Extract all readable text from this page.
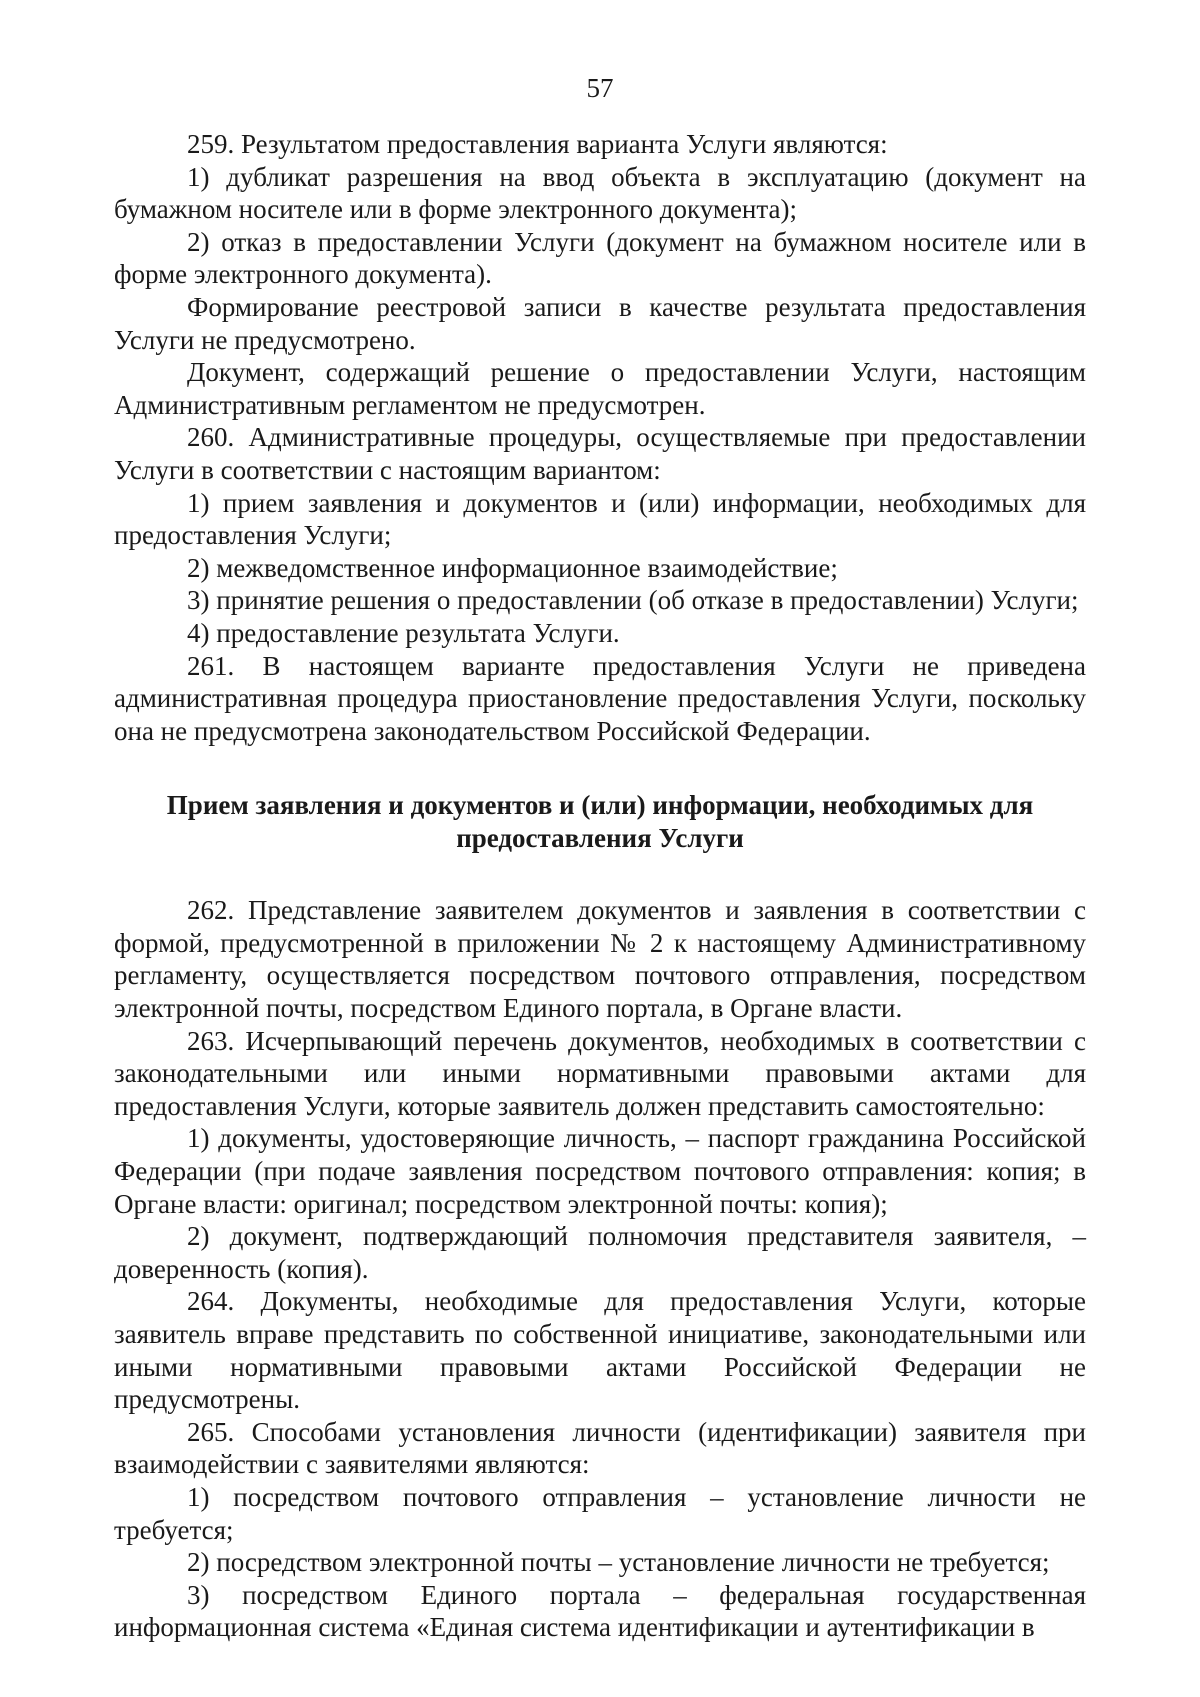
57

259. Результатом предоставления варианта Услуги являются:

1) дубликат разрешения на ввод объекта в эксплуатацию (документ на бумажном носителе или в форме электронного документа);

2) отказ в предоставлении Услуги (документ на бумажном носителе или в форме электронного документа).

Формирование реестровой записи в качестве результата предоставления Услуги не предусмотрено.

Документ, содержащий решение о предоставлении Услуги, настоящим Административным регламентом не предусмотрен.

260. Административные процедуры, осуществляемые при предоставлении Услуги в соответствии с настоящим вариантом:

1) прием заявления и документов и (или) информации, необходимых для предоставления Услуги;

2) межведомственное информационное взаимодействие;

3) принятие решения о предоставлении (об отказе в предоставлении) Услуги;

4) предоставление результата Услуги.

261. В настоящем варианте предоставления Услуги не приведена административная процедура приостановление предоставления Услуги, поскольку она не предусмотрена законодательством Российской Федерации.

Прием заявления и документов и (или) информации, необходимых для
предоставления Услуги

262. Представление заявителем документов и заявления в соответствии с формой, предусмотренной в приложении № 2 к настоящему Административному регламенту, осуществляется посредством почтового отправления, посредством электронной почты, посредством Единого портала, в Органе власти.

263. Исчерпывающий перечень документов, необходимых в соответствии с законодательными или иными нормативными правовыми актами для предоставления Услуги, которые заявитель должен представить самостоятельно:

1) документы, удостоверяющие личность, – паспорт гражданина Российской Федерации (при подаче заявления посредством почтового отправления: копия; в Органе власти: оригинал; посредством электронной почты: копия);

2) документ, подтверждающий полномочия представителя заявителя, – доверенность (копия).

264. Документы, необходимые для предоставления Услуги, которые заявитель вправе представить по собственной инициативе, законодательными или иными нормативными правовыми актами Российской Федерации не предусмотрены.

265. Способами установления личности (идентификации) заявителя при взаимодействии с заявителями являются:

1) посредством почтового отправления – установление личности не требуется;

2) посредством электронной почты – установление личности не требуется;

3) посредством Единого портала – федеральная государственная информационная система «Единая система идентификации и аутентификации в
